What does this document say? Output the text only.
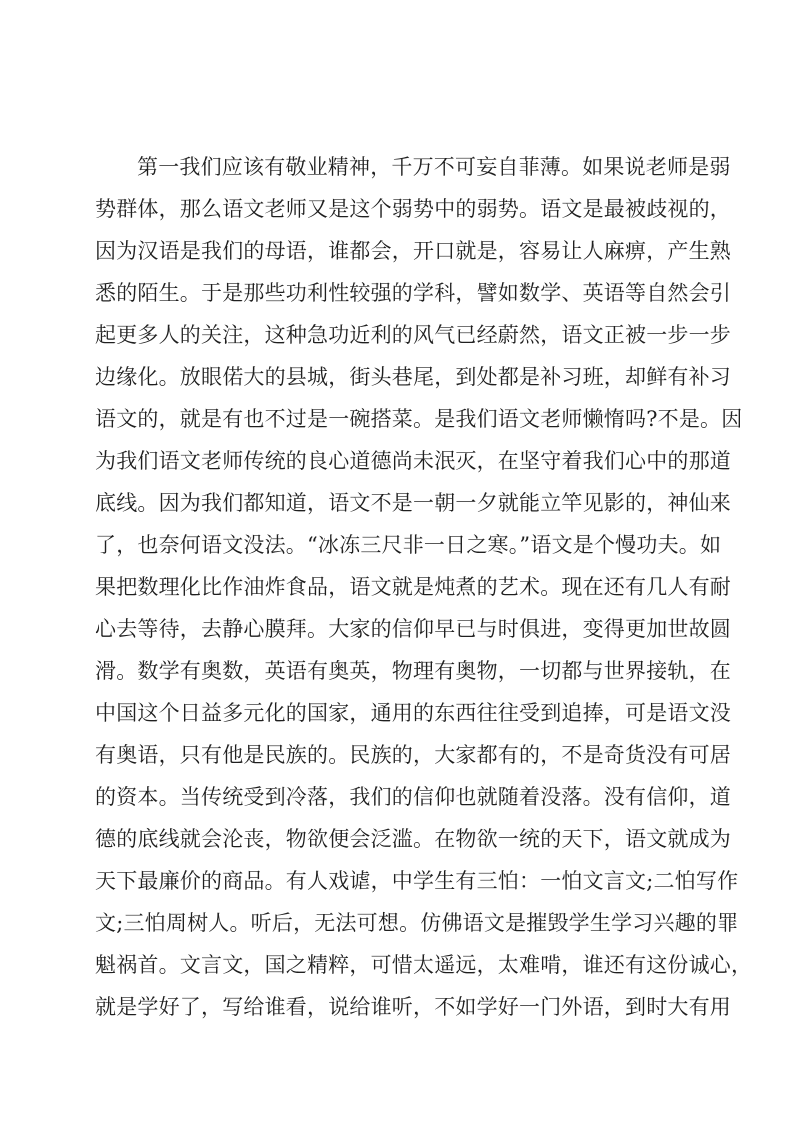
第一我们应该有敬业精神，千万不可妄自菲薄。如果说老师是弱
势群体，那么语文老师又是这个弱势中的弱势。语文是最被歧视的，
因为汉语是我们的母语，谁都会，开口就是，容易让人麻痹，产生熟
悉的陌生。于是那些功利性较强的学科，譬如数学、英语等自然会引
起更多人的关注，这种急功近利的风气已经蔚然，语文正被一步一步
边缘化。放眼偌大的县城，街头巷尾，到处都是补习班，却鲜有补习
语文的，就是有也不过是一碗搭菜。是我们语文老师懒惰吗?不是。因
为我们语文老师传统的良心道德尚未泯灭，在坚守着我们心中的那道
底线。因为我们都知道，语文不是一朝一夕就能立竿见影的，神仙来
了，也奈何语文没法。“冰冻三尺非一日之寒。”语文是个慢功夫。如
果把数理化比作油炸食品，语文就是炖煮的艺术。现在还有几人有耐
心去等待，去静心膜拜。大家的信仰早已与时俱进，变得更加世故圆
滑。数学有奥数，英语有奥英，物理有奥物，一切都与世界接轨，在
中国这个日益多元化的国家，通用的东西往往受到追捧，可是语文没
有奥语，只有他是民族的。民族的，大家都有的，不是奇货没有可居
的资本。当传统受到冷落，我们的信仰也就随着没落。没有信仰，道
德的底线就会沦丧，物欲便会泛滥。在物欲一统的天下，语文就成为
天下最廉价的商品。有人戏谑，中学生有三怕：一怕文言文;二怕写作
文;三怕周树人。听后，无法可想。仿佛语文是摧毁学生学习兴趣的罪
魁祸首。文言文，国之精粹，可惜太遥远，太难啃，谁还有这份诚心，
就是学好了，写给谁看，说给谁听，不如学好一门外语，到时大有用
